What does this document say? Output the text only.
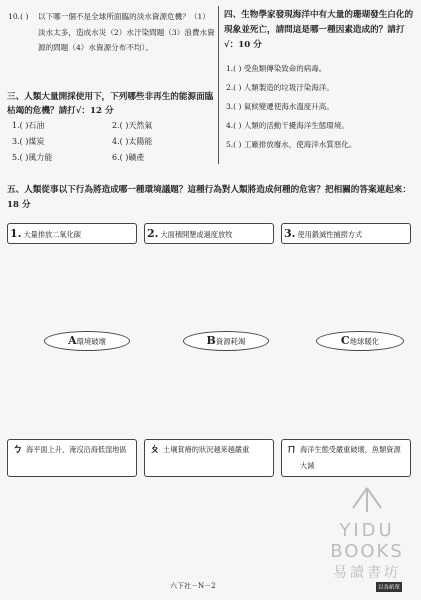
10.( ) 以下哪一個不是全球所面臨的淡水資源危機？（1）淡水太多，造成水災（2）水汙染問題（3）浪費水資源的問題（4）水資源分布不均）。
三、人類大量開採使用下，下列哪些非再生的能源面臨枯竭的危機？請打√：12 分
1.( )石油	2.( )天然氣
3.( )煤炭	4.( )太陽能
5.( )風力能	6.( )礦產
四、生物學家發現海洋中有大量的珊瑚發生白化的現象並死亡，請問這是哪一種因素造成的？請打√：10 分
1.( ) 受魚類傳染致命的病毒。
2.( ) 人類製造的垃圾汙染海洋。
3.( ) 氣候變遷使海水溫度升高。
4.( ) 人類的活動干擾海洋生態環境。
5.( ) 工廠排放廢水，使海洋水質惡化。
五、人類從事以下行為將造成哪一種環境議題？這種行為對人類將造成何種的危害？把相關的答案連起來：18 分
1. 大量排放二氧化碳	2. 大面積開墾或過度放牧	3. 使用鍛滅性捕撈方式
A環境破壞	B資源耗竭	C地球暖化
ㄅ 海平面上升，淹沒沿海低窪地區	ㄆ 土壤貧瘠的狀況越來越嚴重	ㄇ 海洋生態受嚴重破壞，魚類資源大減
YIDU
BOOKS
易讀書坊
六下社－N－2	以各紙單
